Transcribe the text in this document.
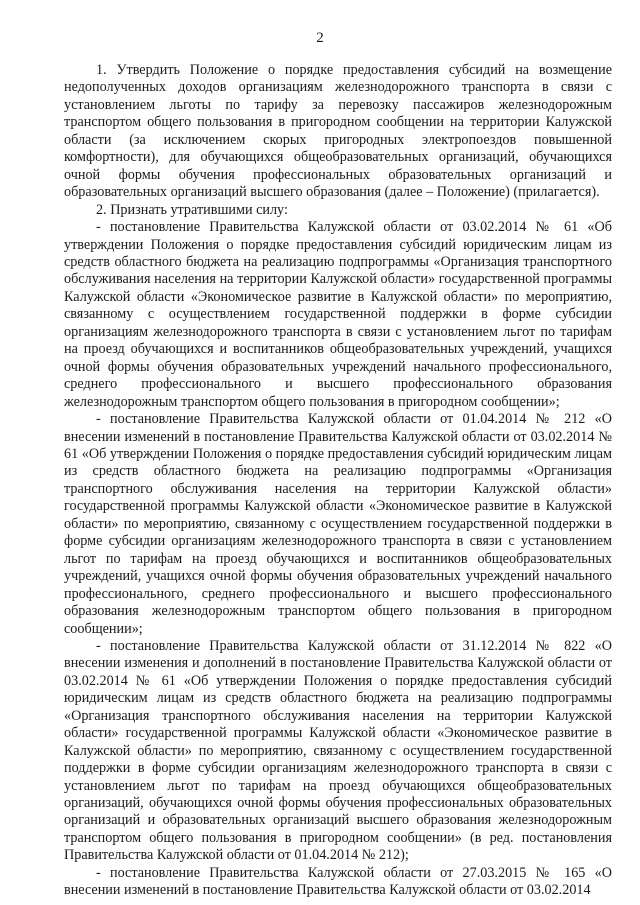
2

1. Утвердить Положение о порядке предоставления субсидий на возмещение недополученных доходов организациям железнодорожного транспорта в связи с установлением льготы по тарифу за перевозку пассажиров железнодорожным транспортом общего пользования в пригородном сообщении на территории Калужской области (за исключением скорых пригородных электропоездов повышенной комфортности), для обучающихся общеобразовательных организаций, обучающихся очной формы обучения профессиональных образовательных организаций и образовательных организаций высшего образования (далее – Положение) (прилагается).

2. Признать утратившими силу:

- постановление Правительства Калужской области от 03.02.2014 № 61 «Об утверждении Положения о порядке предоставления субсидий юридическим лицам из средств областного бюджета на реализацию подпрограммы «Организация транспортного обслуживания населения на территории Калужской области» государственной программы Калужской области «Экономическое развитие в Калужской области» по мероприятию, связанному с осуществлением государственной поддержки в форме субсидии организациям железнодорожного транспорта в связи с установлением льгот по тарифам на проезд обучающихся и воспитанников общеобразовательных учреждений, учащихся очной формы обучения образовательных учреждений начального профессионального, среднего профессионального и высшего профессионального образования железнодорожным транспортом общего пользования в пригородном сообщении»;

- постановление Правительства Калужской области от 01.04.2014 № 212 «О внесении изменений в постановление Правительства Калужской области от 03.02.2014 № 61 «Об утверждении Положения о порядке предоставления субсидий юридическим лицам из средств областного бюджета на реализацию подпрограммы «Организация транспортного обслуживания населения на территории Калужской области» государственной программы Калужской области «Экономическое развитие в Калужской области» по мероприятию, связанному с осуществлением государственной поддержки в форме субсидии организациям железнодорожного транспорта в связи с установлением льгот по тарифам на проезд обучающихся и воспитанников общеобразовательных учреждений, учащихся очной формы обучения образовательных учреждений начального профессионального, среднего профессионального и высшего профессионального образования железнодорожным транспортом общего пользования в пригородном сообщении»;

- постановление Правительства Калужской области от 31.12.2014 № 822 «О внесении изменения и дополнений в постановление Правительства Калужской области от 03.02.2014 № 61 «Об утверждении Положения о порядке предоставления субсидий юридическим лицам из средств областного бюджета на реализацию подпрограммы «Организация транспортного обслуживания населения на территории Калужской области» государственной программы Калужской области «Экономическое развитие в Калужской области» по мероприятию, связанному с осуществлением государственной поддержки в форме субсидии организациям железнодорожного транспорта в связи с установлением льгот по тарифам на проезд обучающихся общеобразовательных организаций, обучающихся очной формы обучения профессиональных образовательных организаций и образовательных организаций высшего образования железнодорожным транспортом общего пользования в пригородном сообщении» (в ред. постановления Правительства Калужской области от 01.04.2014 № 212);

- постановление Правительства Калужской области от 27.03.2015 № 165 «О внесении изменений в постановление Правительства Калужской области от 03.02.2014
